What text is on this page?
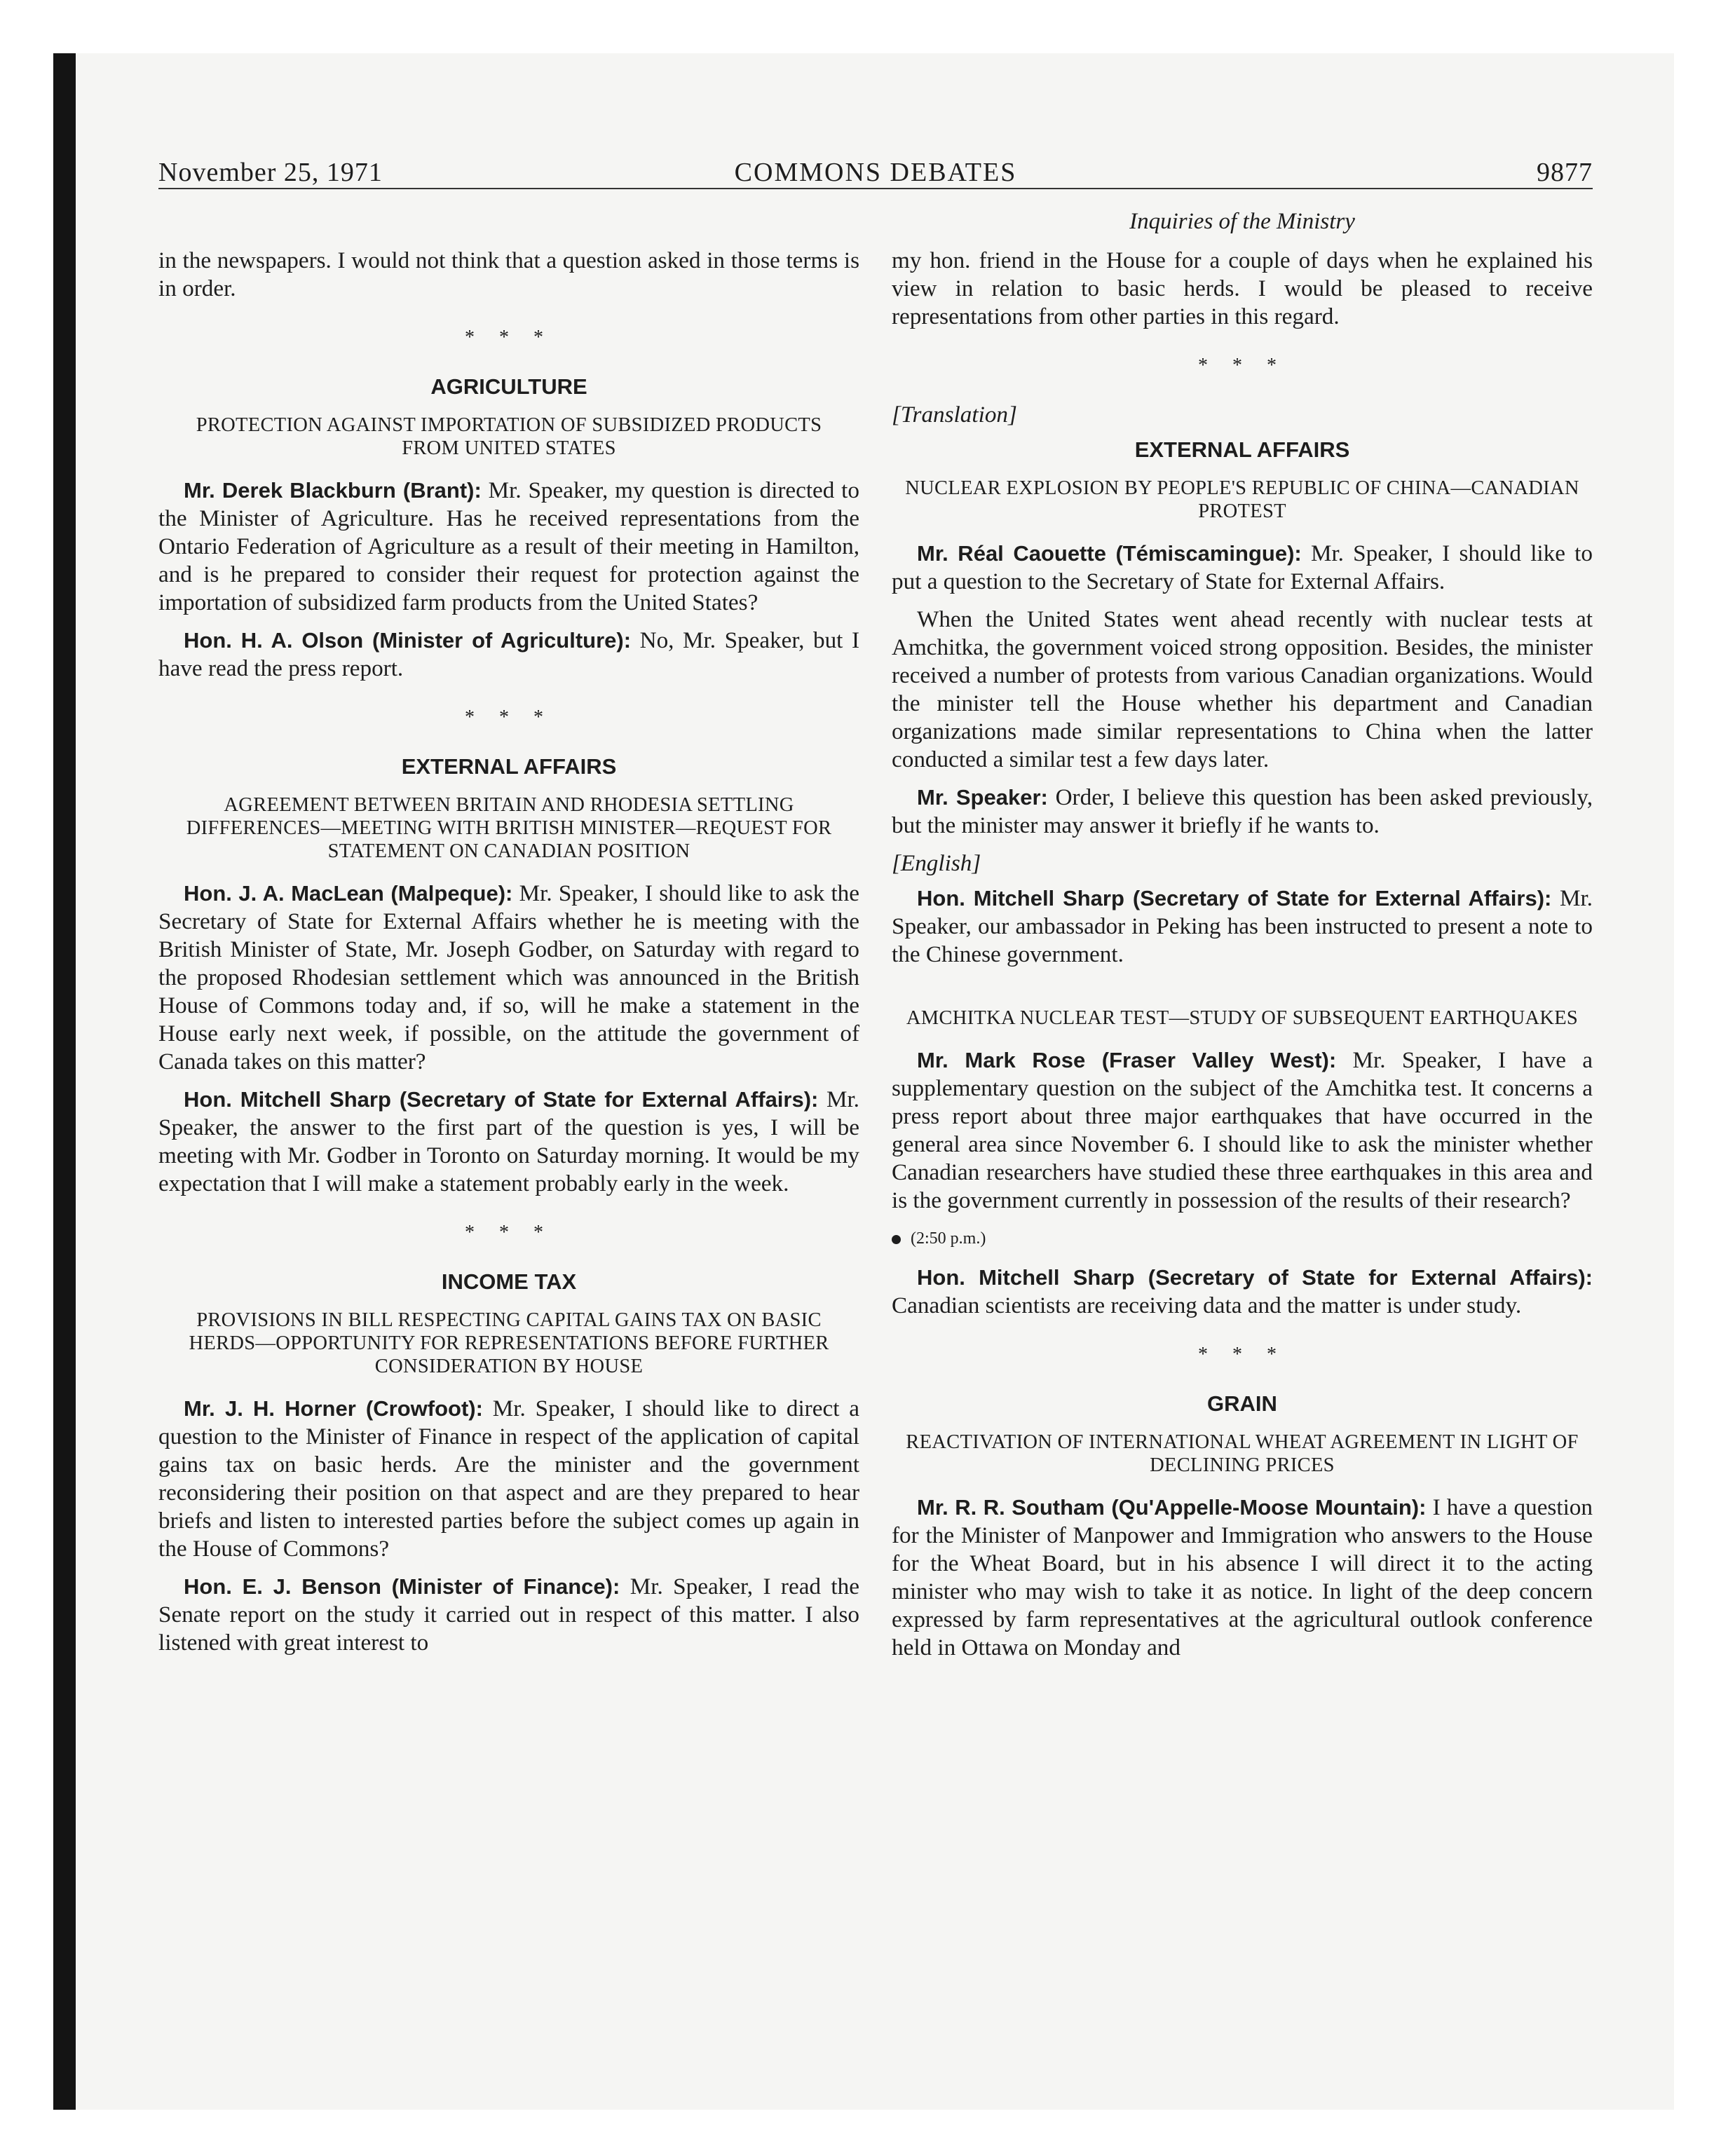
November 25, 1971	COMMONS DEBATES	9877

in the newspapers. I would not think that a question asked in those terms is in order.

* * *
AGRICULTURE
PROTECTION AGAINST IMPORTATION OF SUBSIDIZED PRODUCTS FROM UNITED STATES

Mr. Derek Blackburn (Brant): Mr. Speaker, my question is directed to the Minister of Agriculture. Has he received representations from the Ontario Federation of Agriculture as a result of their meeting in Hamilton, and is he prepared to consider their request for protection against the importation of subsidized farm products from the United States?

Hon. H. A. Olson (Minister of Agriculture): No, Mr. Speaker, but I have read the press report.

* * *
EXTERNAL AFFAIRS
AGREEMENT BETWEEN BRITAIN AND RHODESIA SETTLING DIFFERENCES—MEETING WITH BRITISH MINISTER—REQUEST FOR STATEMENT ON CANADIAN POSITION

Hon. J. A. MacLean (Malpeque): Mr. Speaker, I should like to ask the Secretary of State for External Affairs whether he is meeting with the British Minister of State, Mr. Joseph Godber, on Saturday with regard to the proposed Rhodesian settlement which was announced in the British House of Commons today and, if so, will he make a statement in the House early next week, if possible, on the attitude the government of Canada takes on this matter?

Hon. Mitchell Sharp (Secretary of State for External Affairs): Mr. Speaker, the answer to the first part of the question is yes, I will be meeting with Mr. Godber in Toronto on Saturday morning. It would be my expectation that I will make a statement probably early in the week.

* * *
INCOME TAX
PROVISIONS IN BILL RESPECTING CAPITAL GAINS TAX ON BASIC HERDS—OPPORTUNITY FOR REPRESENTATIONS BEFORE FURTHER CONSIDERATION BY HOUSE

Mr. J. H. Horner (Crowfoot): Mr. Speaker, I should like to direct a question to the Minister of Finance in respect of the application of capital gains tax on basic herds. Are the minister and the government reconsidering their position on that aspect and are they prepared to hear briefs and listen to interested parties before the subject comes up again in the House of Commons?

Hon. E. J. Benson (Minister of Finance): Mr. Speaker, I read the Senate report on the study it carried out in respect of this matter. I also listened with great interest to

Inquiries of the Ministry

my hon. friend in the House for a couple of days when he explained his view in relation to basic herds. I would be pleased to receive representations from other parties in this regard.

* * *
[Translation]
EXTERNAL AFFAIRS
NUCLEAR EXPLOSION BY PEOPLE'S REPUBLIC OF CHINA—CANADIAN PROTEST

Mr. Réal Caouette (Témiscamingue): Mr. Speaker, I should like to put a question to the Secretary of State for External Affairs.

When the United States went ahead recently with nuclear tests at Amchitka, the government voiced strong opposition. Besides, the minister received a number of protests from various Canadian organizations. Would the minister tell the House whether his department and Canadian organizations made similar representations to China when the latter conducted a similar test a few days later.

Mr. Speaker: Order, I believe this question has been asked previously, but the minister may answer it briefly if he wants to.

[English]

Hon. Mitchell Sharp (Secretary of State for External Affairs): Mr. Speaker, our ambassador in Peking has been instructed to present a note to the Chinese government.

AMCHITKA NUCLEAR TEST—STUDY OF SUBSEQUENT EARTHQUAKES

Mr. Mark Rose (Fraser Valley West): Mr. Speaker, I have a supplementary question on the subject of the Amchitka test. It concerns a press report about three major earthquakes that have occurred in the general area since November 6. I should like to ask the minister whether Canadian researchers have studied these three earthquakes in this area and is the government currently in possession of the results of their research?

(2:50 p.m.)

Hon. Mitchell Sharp (Secretary of State for External Affairs): Canadian scientists are receiving data and the matter is under study.

* * *
GRAIN
REACTIVATION OF INTERNATIONAL WHEAT AGREEMENT IN LIGHT OF DECLINING PRICES

Mr. R. R. Southam (Qu'Appelle-Moose Mountain): I have a question for the Minister of Manpower and Immigration who answers to the House for the Wheat Board, but in his absence I will direct it to the acting minister who may wish to take it as notice. In light of the deep concern expressed by farm representatives at the agricultural outlook conference held in Ottawa on Monday and
